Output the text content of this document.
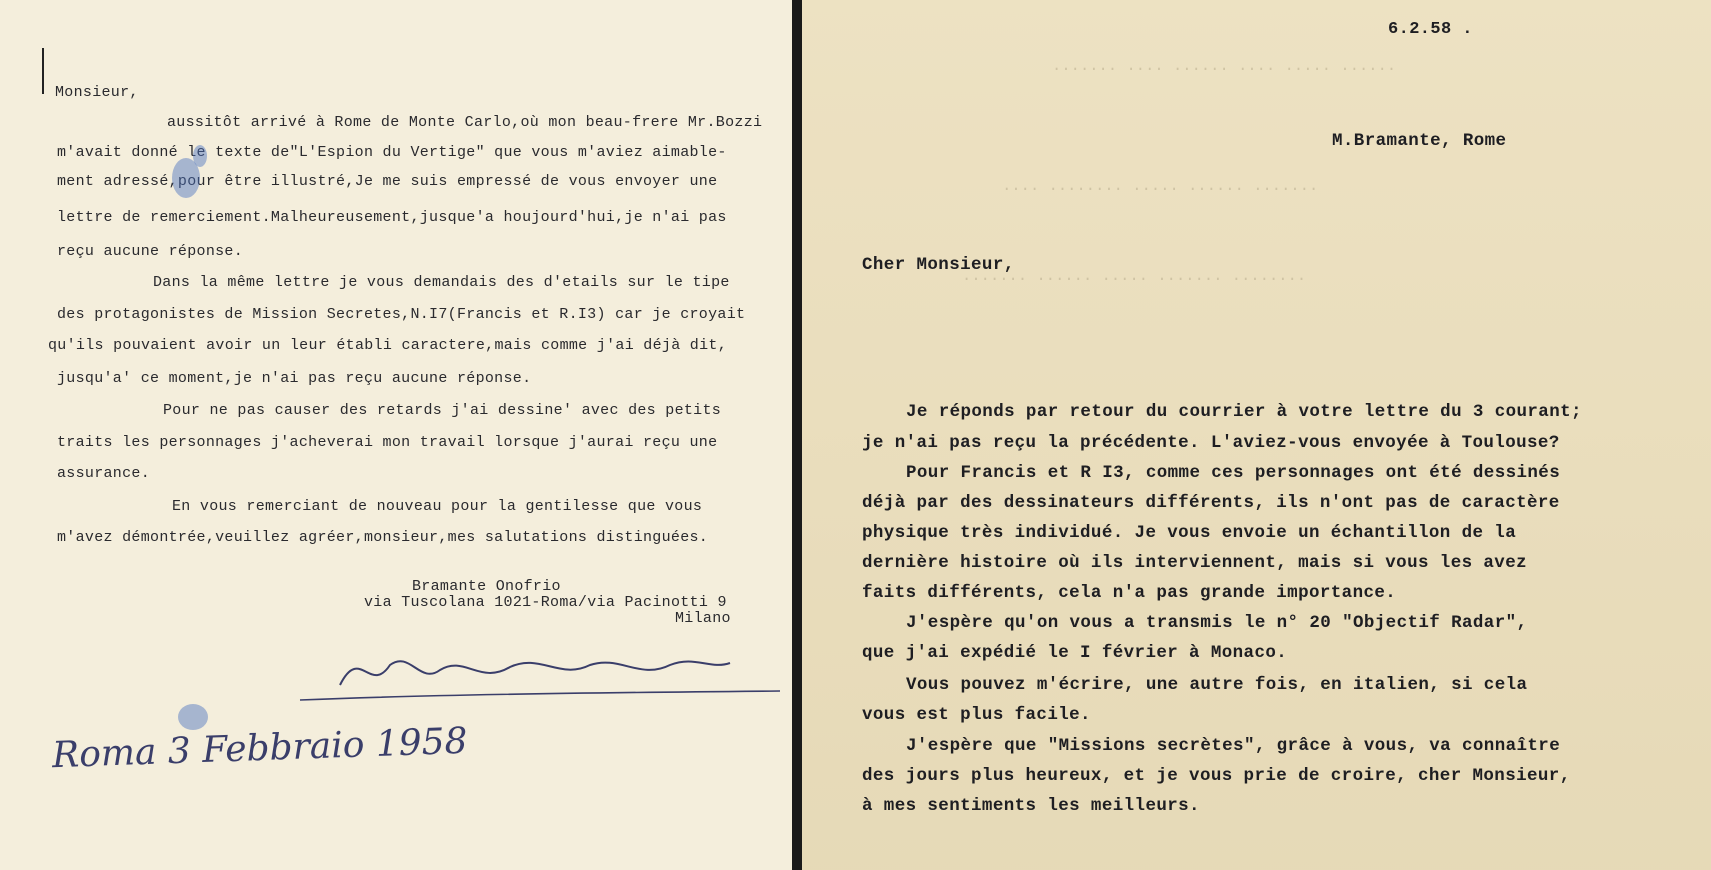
Monsieur,
aussitôt arrivé à Rome de Monte Carlo,où mon beau-frere Mr.Bozzi
m'avait donné le texte de"L'Espion du Vertige" que vous m'aviez aimable-
ment adressé,pour être illustré,Je me suis empressé de vous envoyer une
lettre de remerciement.Malheureusement,jusque'a houjourd'hui,je n'ai pas
reçu aucune réponse.
Dans la même lettre je vous demandais des d'etails sur le tipe
des protagonistes de Mission Secretes,N.I7(Francis et R.I3) car je croyait
qu'ils pouvaient avoir un leur établi caractere,mais comme j'ai déjà dit,
jusqu'a' ce moment,je n'ai pas reçu aucune réponse.
Pour ne pas causer des retards j'ai dessine' avec des petits
traits les personnages j'acheverai mon travail lorsque j'aurai reçu une
assurance.
En vous remerciant de nouveau pour la gentilesse que vous
m'avez démontrée,veuillez agréer,monsieur,mes salutations distinguées.
Bramante Onofrio
via Tuscolana 1021-Roma/via Pacinotti 9
Milano
Roma 3 Febbraio 1958
······ ····· ···· ······ ···· ·······
······· ······ ····· ········ ····
········ ······· ····· ······ ·······
6.2.58 .
M.Bramante, Rome
Cher Monsieur,
Je réponds par retour du courrier à votre lettre du 3 courant;
je n'ai pas reçu la précédente. L'aviez-vous envoyée à Toulouse?
Pour Francis et R I3, comme ces personnages ont été dessinés
déjà par des dessinateurs différents, ils n'ont pas de caractère
physique très individué. Je vous envoie un échantillon de la
dernière histoire où ils interviennent, mais si vous les avez
faits différents, cela n'a pas grande importance.
J'espère qu'on vous a transmis le n° 20 "Objectif Radar",
que j'ai expédié le I février à Monaco.
Vous pouvez m'écrire, une autre fois, en italien, si cela
vous est plus facile.
J'espère que "Missions secrètes", grâce à vous, va connaître
des jours plus heureux, et je vous prie de croire, cher Monsieur,
à mes sentiments les meilleurs.
